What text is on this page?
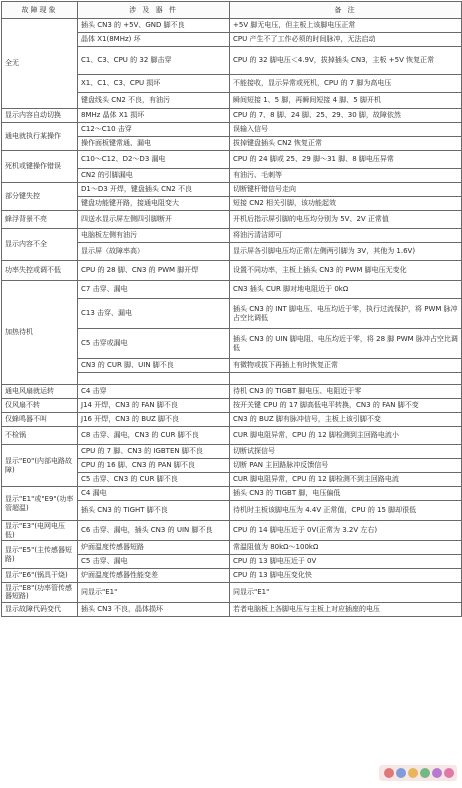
故障现象	涉 及 器 件	备 注
全无	插头 CN3 的 +5V、GND 脚不良	+5V 脚无电压，但主板上该脚电压正常
	晶体 X1(8MHz) 坏	CPU 产生不了工作必须的时间脉冲，无法启动
	C1、C3、CPU 的 32 脚击穿	CPU 的 32 脚电压＜4.9V，拔掉插头 CN3，主板 +5V 恢复正常
	X1、C1、C3、CPU 损坏	不能接收，显示异常或死机，CPU 的 7 脚为高电压
	键盘线头 CN2 不良，有油污	瞬间短接 1、5 脚，再瞬间短接 4 脚、5 脚开机
显示内容自动切换	8MHz 晶体 X1 损坏	CPU 的 7、8 脚、24 脚、25、29、30 脚，故障依然
通电就执行某操作	C12～C10 击穿	误输入信号
	操作面板键常通、漏电	拔掉键盘插头 CN2 恢复正常
死机或键操作错误	C10～C12、D2～D3 漏电	CPU 的 24 脚或 25、29 脚～31 脚、8 脚电压异常
	CN2 的引脚漏电	有油污、毛刺等
部分键失控	D1～D3 开焊，键盘插头 CN2 不良	切断键杆错信号走向
	键盘功能键开路，接通电阻变大	短接 CN2 相关引脚，该功能起效
蜂浮背景不亮	四送水显示屏左侧四引脚断开	开机后指示屏引脚的电压均分别为 5V、2V 正常值
显示内容不全	电脑板左侧有油污	将油污清洁即可
	显示屏（故障率高）	显示屏各引脚电压均正常(左侧两引脚为 3V，其他为 1.6V)
功率失控或调不低	CPU 的 28 脚、CN3 的 PWM 脚开焊	设置不同功率，主板上插头 CN3 的 PWM 脚电压无变化
加热待机	C7 击穿、漏电	CN3 插头 CUR 脚对地电阻近于 0kΩ
	C13 击穿、漏电	插头 CN3 的 INT 脚电压、电压均近于零，执行过流保护，将 PWM 脉冲占空比调低
	C5 击穿或漏电	插头 CN3 的 UIN 脚电阻、电压均近于零，将 28 脚 PWM 脉冲占空比调低
	CN3 的 CUR 脚、UIN 脚不良	有微物或拔下再插上有时恢复正常

通电风扇就运转	C4 击穿	待机 CN3 的 TIGBT 脚电压、电阻近于零
仅风扇不转	J14 开焊，CN3 的 FAN 脚不良	按开关键 CPU 的 17 脚高低电平转换，CN3 的 FAN 脚不变
仅蜂鸣器不叫	J16 开焊，CN3 的 BUZ 脚不良	CN3 的 BUZ 脚有脉冲信号，主板上该引脚不变
不检锅	C8 击穿、漏电，CN3 的 CUR 脚不良	CUR 脚电阻异常，CPU 的 12 脚检测到主回路电流小
显示"E0"(内部电路故障)	CPU 的 7 脚、CN3 的 IGBTEN 脚不良	切断试探信号
	CPU 的 16 脚、CN3 的 PAN 脚不良	切断 PAN 主回路脉冲反馈信号
	C5 击穿、CN3 的 CUR 脚不良	CUR 脚电阻异常，CPU 的 12 脚检测不到主回路电流
显示"E1"或"E9"(功率管超温)	C4 漏电	插头 CN3 的 TIGBT 脚，电压偏低
	插头 CN3 的 TIGHT 脚不良	待机时主板该脚电压为 4.4V 正常值，CPU 的 15 脚却很低
显示"E3"(电网电压低)	C6 击穿、漏电，插头 CN3 的 UIN 脚不良	CPU 的 14 脚电压近于 0V(正常为 3.2V 左右)
显示"E5"(主传感器短路)	炉面温度传感器短路	常温阻值为 80kΩ～100kΩ
	C5 击穿、漏电	CPU 的 13 脚电压近于 0V
显示"E6"(锅具干烧)	炉面温度传感器性能变差	CPU 的 13 脚电压变化快
显示"E8"(功率管传感器短路)	同显示"E1"	同显示"E1"
显示故障代码变代	插头 CN3 不良，晶体损坏	若者电脑板上各脚电压与主板上对应插座的电压
